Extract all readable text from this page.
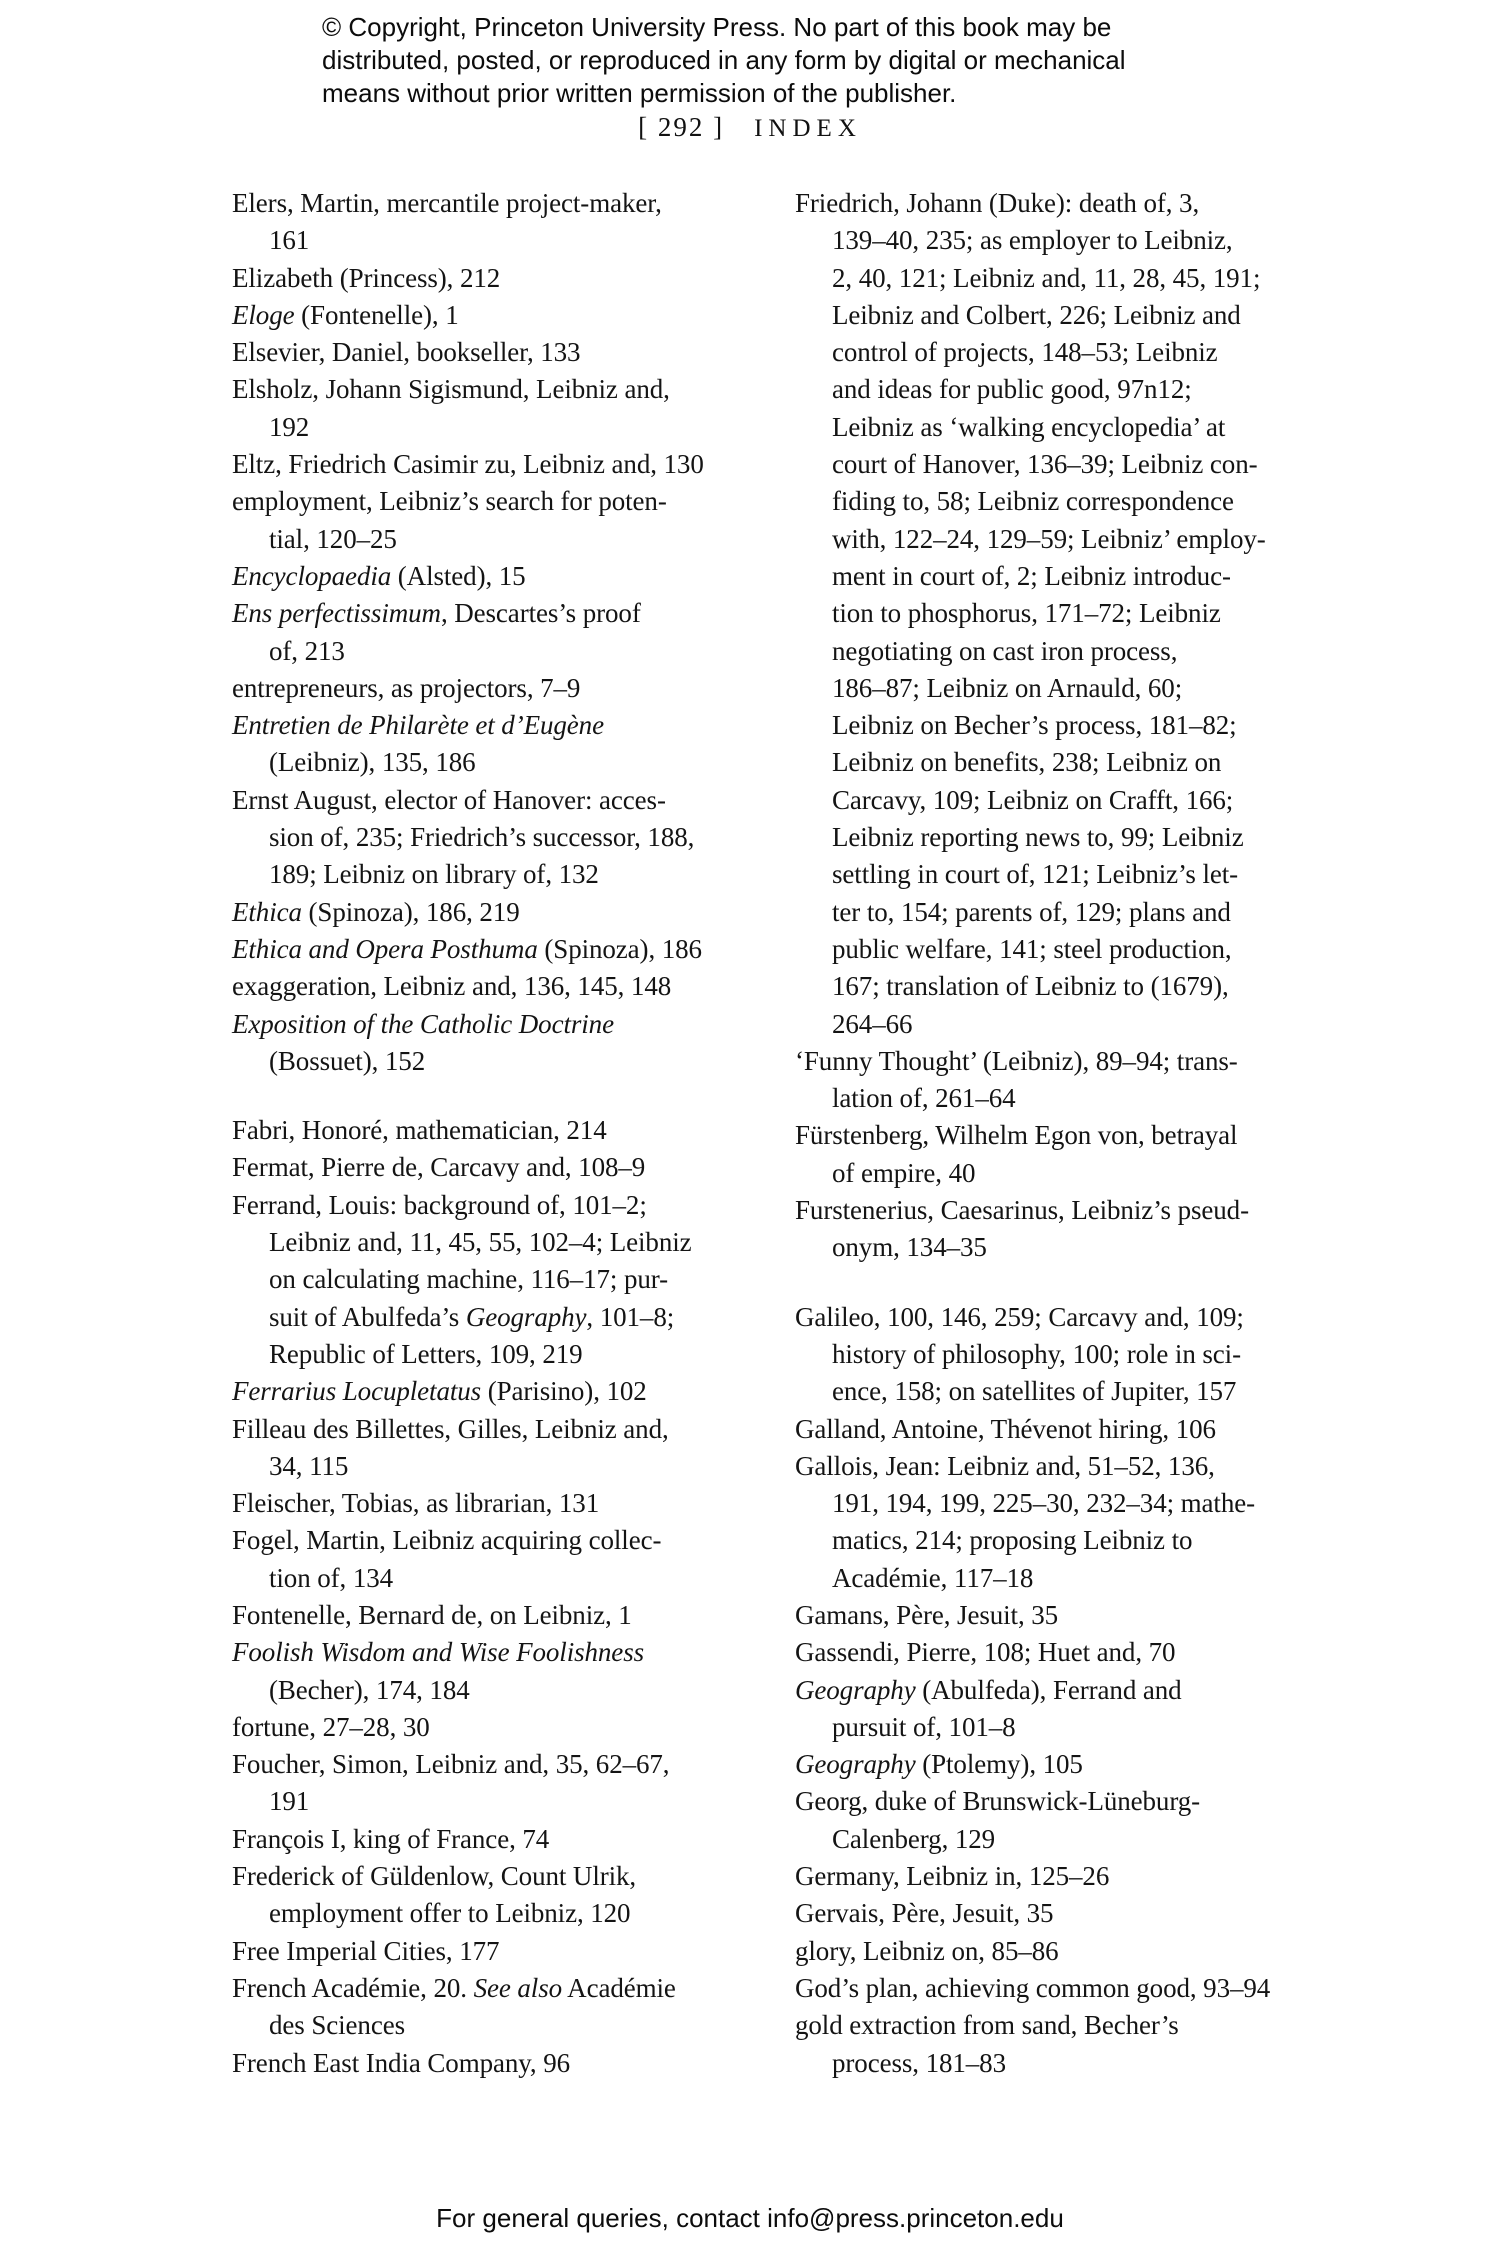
© Copyright, Princeton University Press. No part of this book may be
distributed, posted, or reproduced in any form by digital or mechanical
means without prior written permission of the publisher.
[ 292 ] INDEX
Elers, Martin, mercantile project-maker,
161
Elizabeth (Princess), 212
Eloge (Fontenelle), 1
Elsevier, Daniel, bookseller, 133
Elsholz, Johann Sigismund, Leibniz and,
192
Eltz, Friedrich Casimir zu, Leibniz and, 130
employment, Leibniz’s search for poten-
tial, 120–25
Encyclopaedia (Alsted), 15
Ens perfectissimum, Descartes’s proof
of, 213
entrepreneurs, as projectors, 7–9
Entretien de Philarète et d’Eugène
(Leibniz), 135, 186
Ernst August, elector of Hanover: acces-
sion of, 235; Friedrich’s successor, 188,
189; Leibniz on library of, 132
Ethica (Spinoza), 186, 219
Ethica and Opera Posthuma (Spinoza), 186
exaggeration, Leibniz and, 136, 145, 148
Exposition of the Catholic Doctrine
(Bossuet), 152
Fabri, Honoré, mathematician, 214
Fermat, Pierre de, Carcavy and, 108–9
Ferrand, Louis: background of, 101–2;
Leibniz and, 11, 45, 55, 102–4; Leibniz
on calculating machine, 116–17; pur-
suit of Abulfeda’s Geography, 101–8;
Republic of Letters, 109, 219
Ferrarius Locupletatus (Parisino), 102
Filleau des Billettes, Gilles, Leibniz and,
34, 115
Fleischer, Tobias, as librarian, 131
Fogel, Martin, Leibniz acquiring collec-
tion of, 134
Fontenelle, Bernard de, on Leibniz, 1
Foolish Wisdom and Wise Foolishness
(Becher), 174, 184
fortune, 27–28, 30
Foucher, Simon, Leibniz and, 35, 62–67,
191
François I, king of France, 74
Frederick of Güldenlow, Count Ulrik,
employment offer to Leibniz, 120
Free Imperial Cities, 177
French Académie, 20. See also Académie
des Sciences
French East India Company, 96
Friedrich, Johann (Duke): death of, 3,
139–40, 235; as employer to Leibniz,
2, 40, 121; Leibniz and, 11, 28, 45, 191;
Leibniz and Colbert, 226; Leibniz and
control of projects, 148–53; Leibniz
and ideas for public good, 97n12;
Leibniz as ‘walking encyclopedia’ at
court of Hanover, 136–39; Leibniz con-
fiding to, 58; Leibniz correspondence
with, 122–24, 129–59; Leibniz’ employ-
ment in court of, 2; Leibniz introduc-
tion to phosphorus, 171–72; Leibniz
negotiating on cast iron process,
186–87; Leibniz on Arnauld, 60;
Leibniz on Becher’s process, 181–82;
Leibniz on benefits, 238; Leibniz on
Carcavy, 109; Leibniz on Crafft, 166;
Leibniz reporting news to, 99; Leibniz
settling in court of, 121; Leibniz’s let-
ter to, 154; parents of, 129; plans and
public welfare, 141; steel production,
167; translation of Leibniz to (1679),
264–66
‘Funny Thought’ (Leibniz), 89–94; trans-
lation of, 261–64
Fürstenberg, Wilhelm Egon von, betrayal
of empire, 40
Furstenerius, Caesarinus, Leibniz’s pseud-
onym, 134–35
Galileo, 100, 146, 259; Carcavy and, 109;
history of philosophy, 100; role in sci-
ence, 158; on satellites of Jupiter, 157
Galland, Antoine, Thévenot hiring, 106
Gallois, Jean: Leibniz and, 51–52, 136,
191, 194, 199, 225–30, 232–34; mathe-
matics, 214; proposing Leibniz to
Académie, 117–18
Gamans, Père, Jesuit, 35
Gassendi, Pierre, 108; Huet and, 70
Geography (Abulfeda), Ferrand and
pursuit of, 101–8
Geography (Ptolemy), 105
Georg, duke of Brunswick-Lüneburg-
Calenberg, 129
Germany, Leibniz in, 125–26
Gervais, Père, Jesuit, 35
glory, Leibniz on, 85–86
God’s plan, achieving common good, 93–94
gold extraction from sand, Becher’s
process, 181–83
For general queries, contact info@press.princeton.edu
